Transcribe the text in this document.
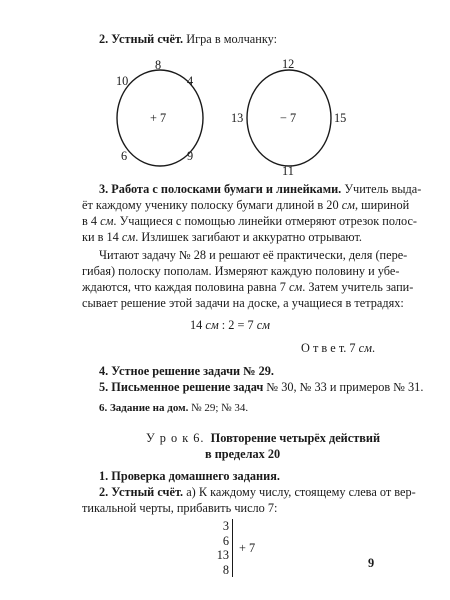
2. Устный счёт. Игра в молчанку:
8
10	4
+ 7
6	9
12
13	− 7	15
11
3. Работа с полосками бумаги и линейками. Учитель выда-
ёт каждому ученику полоску бумаги длиной в 20 см, шириной
в 4 см. Учащиеся с помощью линейки отмеряют отрезок полос-
ки в 14 см. Излишек загибают и аккуратно отрывают.
Читают задачу № 28 и решают её практически, деля (пере-
гибая) полоску пополам. Измеряют каждую половину и убе-
ждаются, что каждая половина равна 7 см. Затем учитель запи-
сывает решение этой задачи на доске, а учащиеся в тетрадях:
14 см : 2 = 7 см
О т в е т. 7 см.
4. Устное решение задачи № 29.
5. Письменное решение задач № 30, № 33 и примеров № 31.
6. Задание на дом. № 29; № 34.
У р о к 6. Повторение четырёх действий
в пределах 20
1. Проверка домашнего задания.
2. Устный счёт. а) К каждому числу, стоящему слева от вер-
тикальной черты, прибавить число 7:
3
6
13
8
+ 7
9
